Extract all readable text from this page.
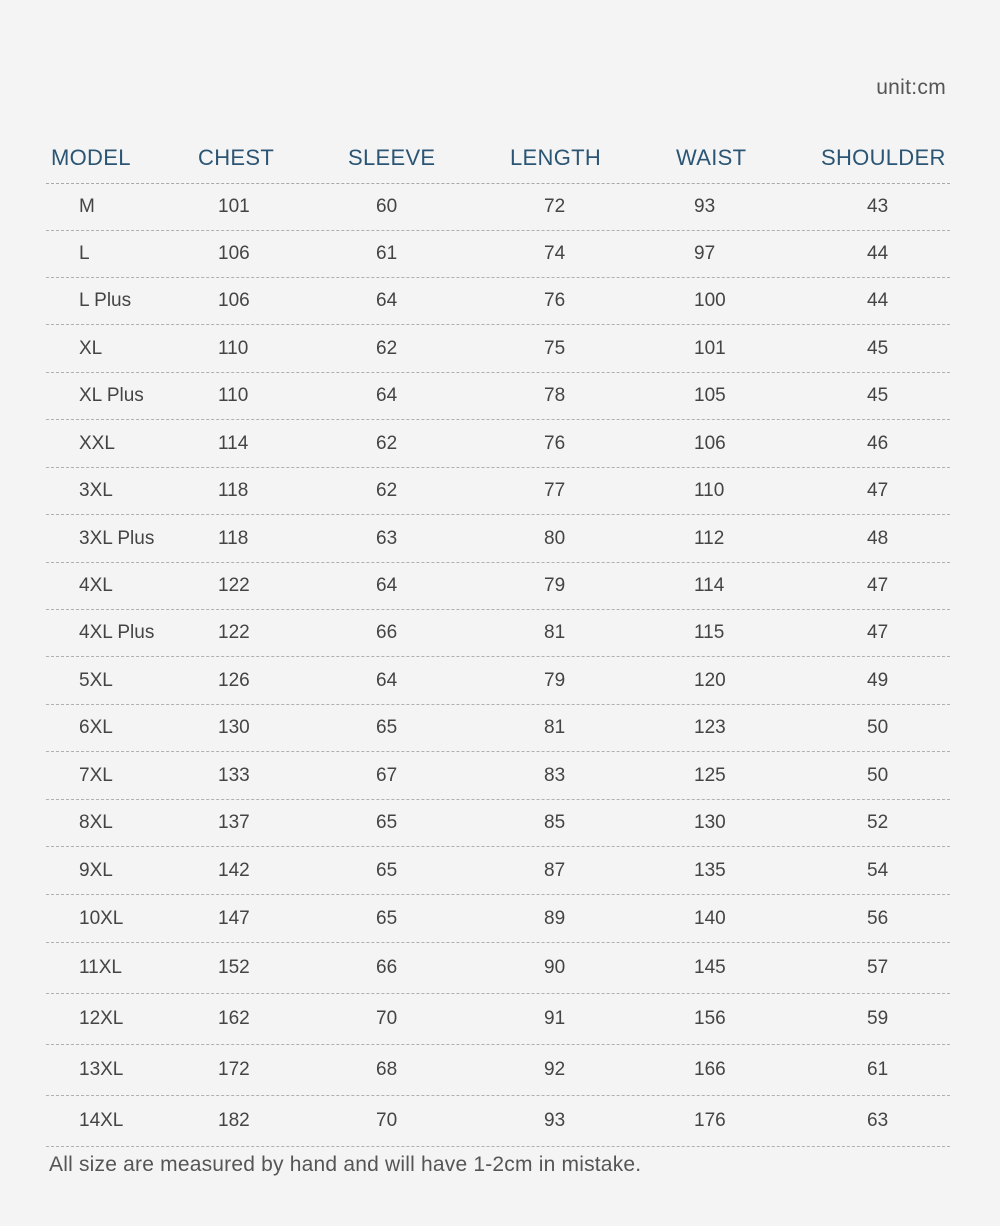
unit:cm
MODEL	CHEST	SLEEVE	LENGTH	WAIST	SHOULDER
M	101	60	72	93	43
L	106	61	74	97	44
L Plus	106	64	76	100	44
XL	110	62	75	101	45
XL Plus	110	64	78	105	45
XXL	114	62	76	106	46
3XL	118	62	77	110	47
3XL Plus	118	63	80	112	48
4XL	122	64	79	114	47
4XL Plus	122	66	81	115	47
5XL	126	64	79	120	49
6XL	130	65	81	123	50
7XL	133	67	83	125	50
8XL	137	65	85	130	52
9XL	142	65	87	135	54
10XL	147	65	89	140	56
11XL	152	66	90	145	57
12XL	162	70	91	156	59
13XL	172	68	92	166	61
14XL	182	70	93	176	63
All size are measured by hand and will have 1-2cm in mistake.
